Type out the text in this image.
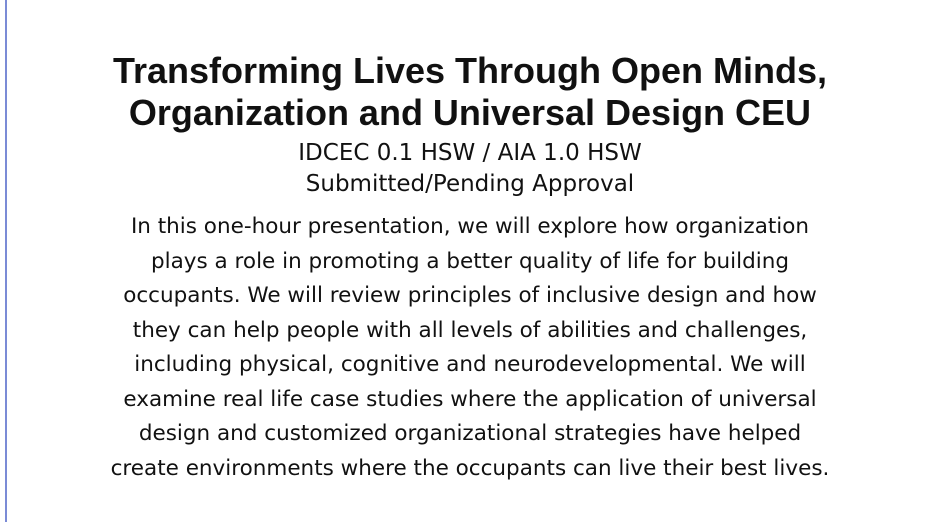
Transforming Lives Through Open Minds,
Organization and Universal Design CEU
IDCEC 0.1 HSW / AIA 1.0 HSW
Submitted/Pending Approval
In this one-hour presentation, we will explore how organization
plays a role in promoting a better quality of life for building
occupants. We will review principles of inclusive design and how
they can help people with all levels of abilities and challenges,
including physical, cognitive and neurodevelopmental. We will
examine real life case studies where the application of universal
design and customized organizational strategies have helped
create environments where the occupants can live their best lives.
